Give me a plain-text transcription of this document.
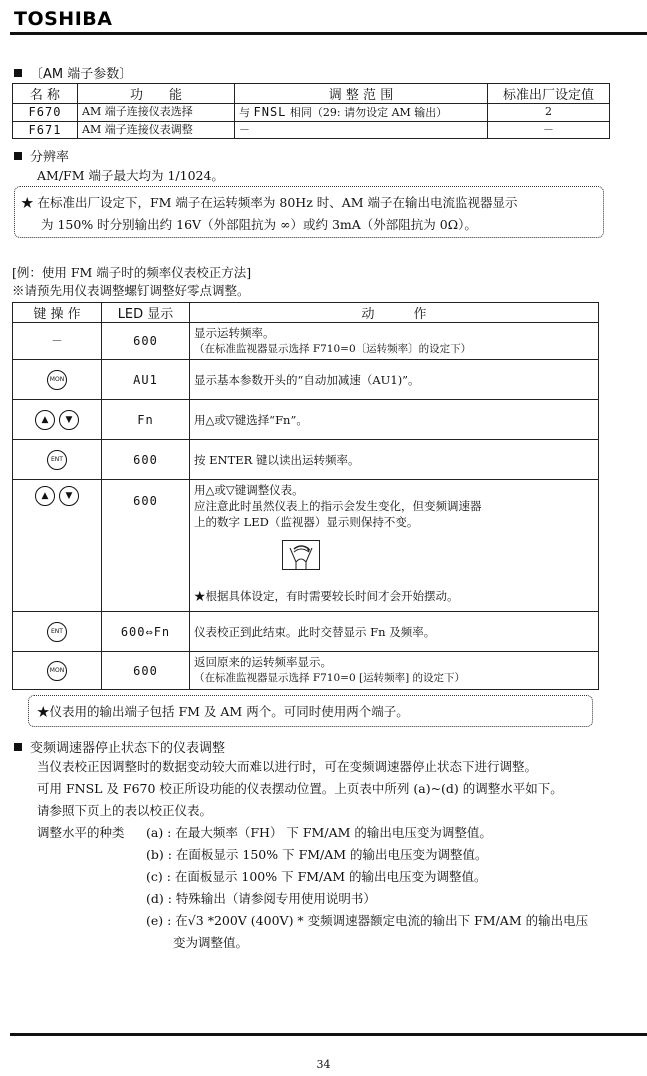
TOSHIBA
〔AM 端子参数〕
名 称	功　　能	调 整 范 围	标准出厂设定值
F670	AM 端子连接仪表选择	与 FNSL 相同（29: 请勿设定 AM 输出）	2
F671	AM 端子连接仪表调整	－	－
分辨率
AM/FM 端子最大均为 1/1024。
★ 在标准出厂设定下，FM 端子在运转频率为 80Hz 时、AM 端子在输出电流监视器显示
为 150% 时分别输出约 16V（外部阻抗为 ∞）或约 3mA（外部阻抗为 0Ω）。
[例：使用 FM 端子时的频率仪表校正方法]
※请预先用仪表调整螺钉调整好零点调整。
键 操 作	LED 显示	动　　　作
－	600	显示运转频率。
（在标准监视器显示选择 F710=0〔运转频率〕的设定下）

MON	AU1	显示基本参数开头的“自动加减速（AU1)”。

▲ ▼	Fn	用△或▽键选择“Fn”。

ENT	600	按 ENTER 键以读出运转频率。

▲ ▼	600	用△或▽键调整仪表。
应注意此时虽然仪表上的指示会发生变化，但变频调速器
上的数字 LED（监视器）显示则保持不变。
★根据具体设定，有时需要较长时间才会开始摆动。

ENT	600⇔Fn	仪表校正到此结束。此时交替显示 Fn 及频率。

MON	600	返回原来的运转频率显示。
（在标准监视器显示选择 F710=0 [运转频率] 的设定下）
★仪表用的输出端子包括 FM 及 AM 两个。可同时使用两个端子。
变频调速器停止状态下的仪表调整
当仪表校正因调整时的数据变动较大而难以进行时，可在变频调速器停止状态下进行调整。
可用 FNSL 及 F670 校正所设功能的仪表摆动位置。上页表中所列 (a)~(d) 的调整水平如下。
请参照下页上的表以校正仪表。
调整水平的种类 (a) : 在最大频率（FH） 下 FM/AM 的输出电压变为调整值。
(b) : 在面板显示 150% 下 FM/AM 的输出电压变为调整值。
(c) : 在面板显示 100% 下 FM/AM 的输出电压变为调整值。
(d) : 特殊输出（请参阅专用使用说明书）
(e) : 在√3 *200V (400V) * 变频调速器额定电流的输出下 FM/AM 的输出电压
变为调整值。
34
